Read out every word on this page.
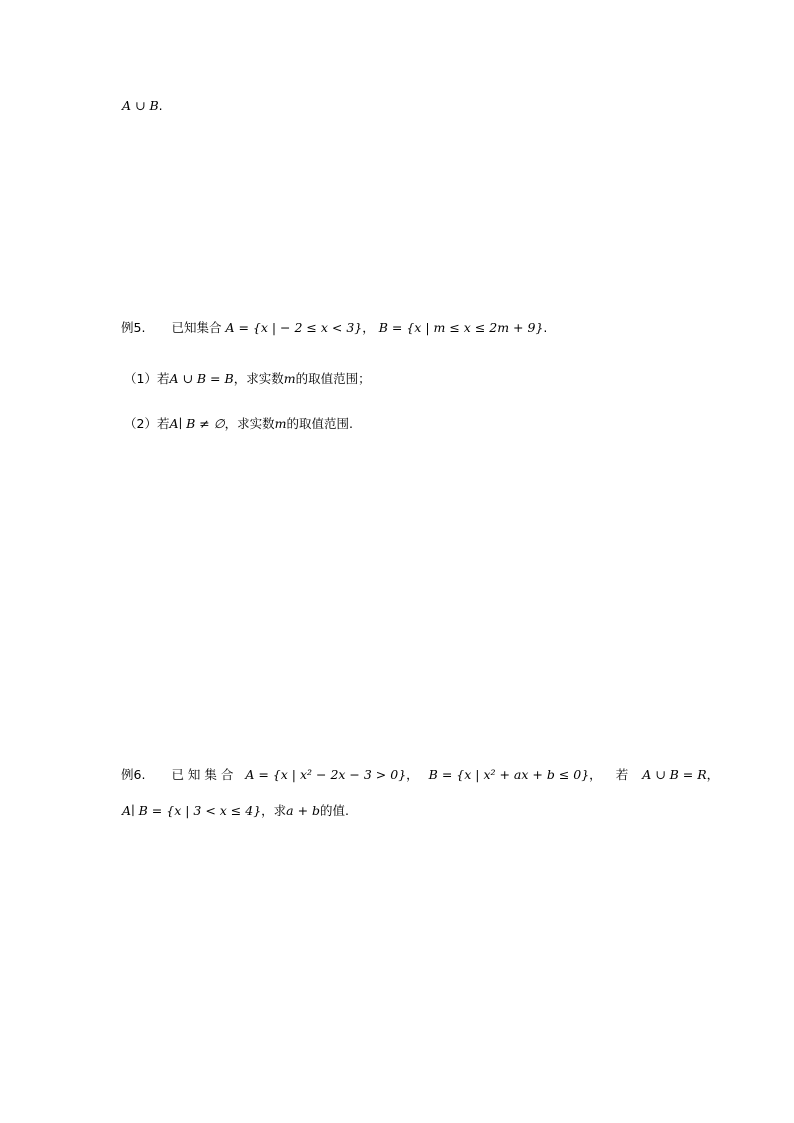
A ∪ B.
例5. 已知集合 A = {x | − 2 ≤ x < 3}， B = {x | m ≤ x ≤ 2m + 9}.
（1）若A ∪ B = B，求实数m的取值范围；
（2）若A∣ B ≠ ∅，求实数m的取值范围.
例6. 已 知 集 合 A = {x | x² − 2x − 3 > 0}， B = {x | x² + ax + b ≤ 0}， 若 A ∪ B = R，
A∣ B = {x | 3 < x ≤ 4}，求a + b的值.
